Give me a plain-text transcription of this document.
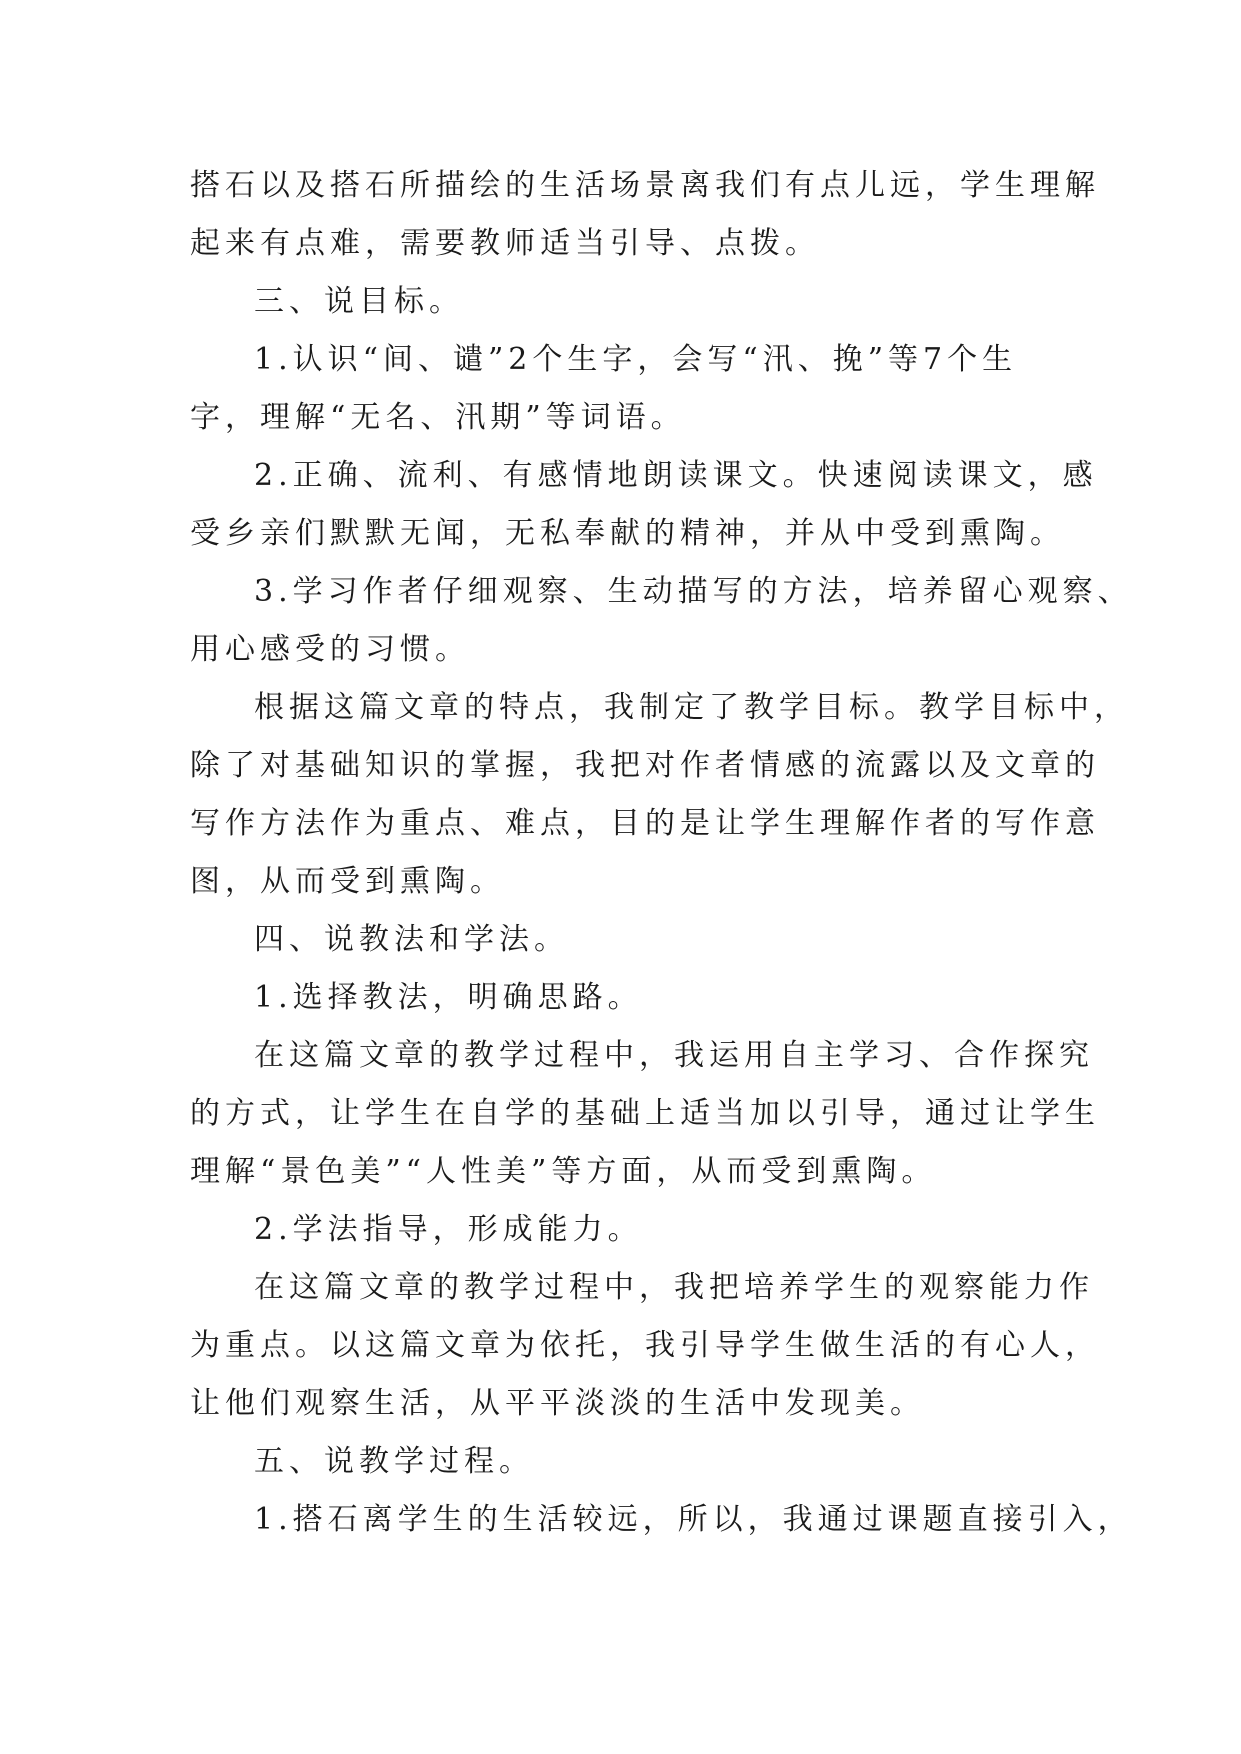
搭石以及搭石所描绘的生活场景离我们有点儿远，学生理解
起来有点难，需要教师适当引导、点拨。
三、说目标。
1.认识“间、谴”2个生字，会写“汛、挽”等7个生
字，理解“无名、汛期”等词语。
2.正确、流利、有感情地朗读课文。快速阅读课文，感
受乡亲们默默无闻，无私奉献的精神，并从中受到熏陶。
3.学习作者仔细观察、生动描写的方法，培养留心观察、
用心感受的习惯。
根据这篇文章的特点，我制定了教学目标。教学目标中，
除了对基础知识的掌握，我把对作者情感的流露以及文章的
写作方法作为重点、难点，目的是让学生理解作者的写作意
图，从而受到熏陶。
四、说教法和学法。
1.选择教法，明确思路。
在这篇文章的教学过程中，我运用自主学习、合作探究
的方式，让学生在自学的基础上适当加以引导，通过让学生
理解“景色美”“人性美”等方面，从而受到熏陶。
2.学法指导，形成能力。
在这篇文章的教学过程中，我把培养学生的观察能力作
为重点。以这篇文章为依托，我引导学生做生活的有心人，
让他们观察生活，从平平淡淡的生活中发现美。
五、说教学过程。
1.搭石离学生的生活较远，所以，我通过课题直接引入，
